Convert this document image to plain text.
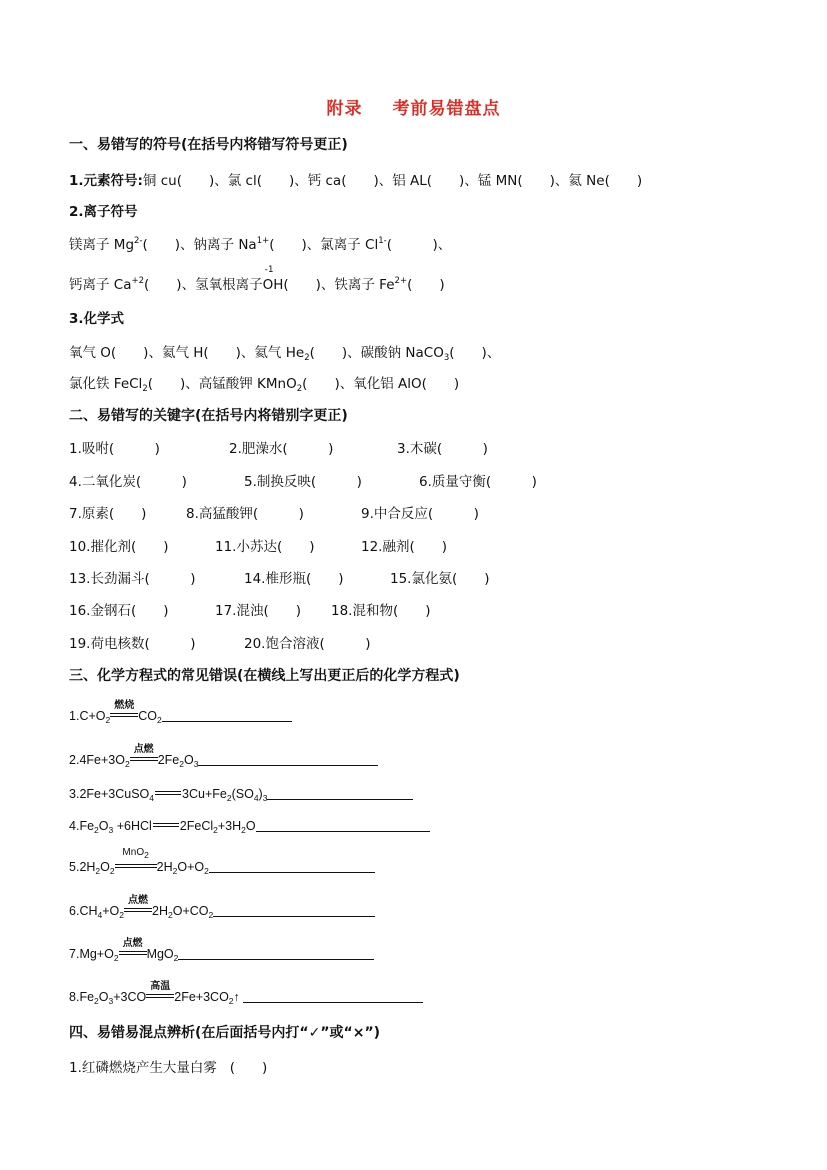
附录 考前易错盘点
一、易错写的符号(在括号内将错写符号更正)
1.元素符号:铜 cu(　　)、氯 cl(　　)、钙 ca(　　)、铝 AL(　　)、锰 MN(　　)、氦 Ne(　　)
2.离子符号
镁离子 $Mg^{2-}$(　　)、钠离子 $Na^{1+}$(　　)、氯离子 $Cl^{1-}$(　　　)、
钙离子 $Ca^{+2}$(　　)、氢氧根离子
-1
OH(　　)、铁离子 $Fe^{2+}$(　　)
3.化学式
氧气 O(　　)、氦气 H(　　)、氦气 $He_2$(　　)、碳酸钠 NaCO$_3$(　　)、
氯化铁 FeCl$_2$(　　)、高锰酸钾 KMnO$_2$(　　)、氧化铝 AlO(　　)
二、易错写的关键字(在括号内将错别字更正)
1.吸咐(　　　)	2.肥澡水(　　　)	3.木碳(　　　)
4.二氧化炭(　　　)	5.制换反映(　　　)	6.质量守衡(　　　)
7.原素(　　)	8.高猛酸钾(　　　)	9.中合反应(　　　)
10.摧化剂(　　)	11.小苏达(　　)	12.融剂(　　)
13.长劲漏斗(　　　)	14.椎形瓶(　　)	15.氯化氨(　　)
16.金钢石(　　)	17.混浊(　　) 18.混和物(　　)
19.荷电核数(　　　)	20.饱合溶液(　　　)
三、化学方程式的常见错误(在横线上写出更正后的化学方程式)
$1.C+O_2$
燃烧
$CO_2$
$2.4Fe+3O_2$
点燃
$2Fe_2O_3$
3.2Fe+3CuSO$_4$ $3Cu+Fe_2(SO_4)_3$
$4.Fe_2O_3 +6HCl$ $2FeCl_2+3H_2O$
$5.2H_2O_2$
MnO$_2$
$2H_2O+O_2$
$6.CH_4+O_2$
点燃
$2H_2O+CO_2$
$7.Mg+O_2$
点燃
MgO$_2$
$8.Fe_2O_3+3CO$
高温
$2Fe+3CO_2↑$
四、易错易混点辨析(在后面括号内打“✓”或“×”)
1.红磷燃烧产生大量白雾 (　　)
